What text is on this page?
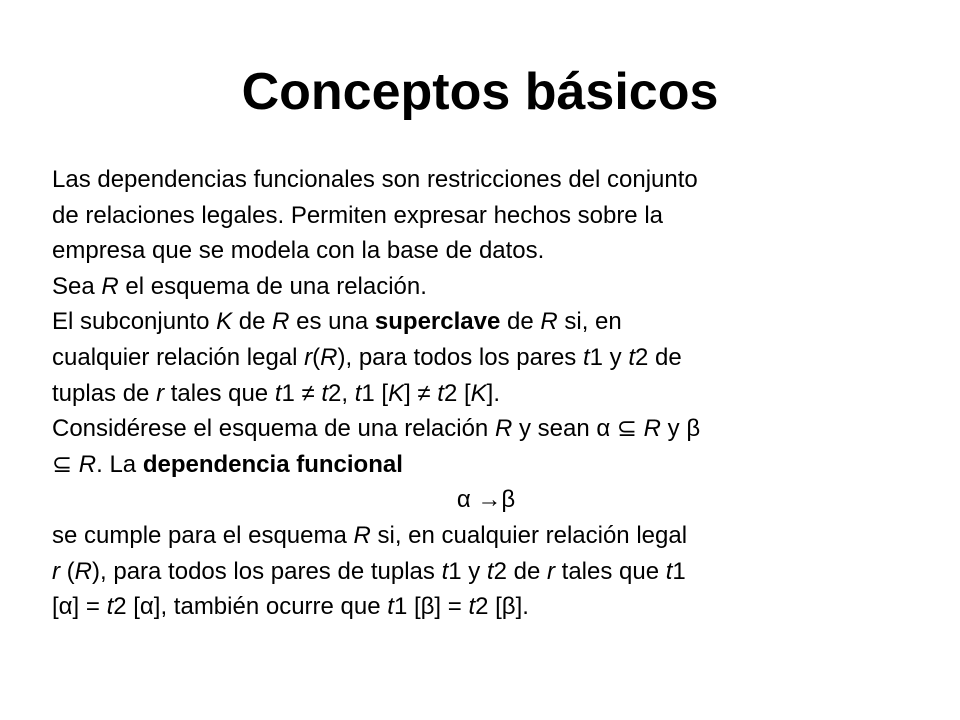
Conceptos básicos
Las dependencias funcionales son restricciones del conjunto
de relaciones legales. Permiten expresar hechos sobre la
empresa que se modela con la base de datos.
Sea R el esquema de una relación.
El subconjunto K de R es una superclave de R si, en
cualquier relación legal r(R), para todos los pares t1 y t2 de
tuplas de r tales que t1 ≠ t2, t1 [K] ≠ t2 [K].
Considérese el esquema de una relación R y sean α ⊆ R y β
⊆ R. La dependencia funcional
α →β
se cumple para el esquema R si, en cualquier relación legal
r (R), para todos los pares de tuplas t1 y t2 de r tales que t1
[α] = t2 [α], también ocurre que t1 [β] = t2 [β].
